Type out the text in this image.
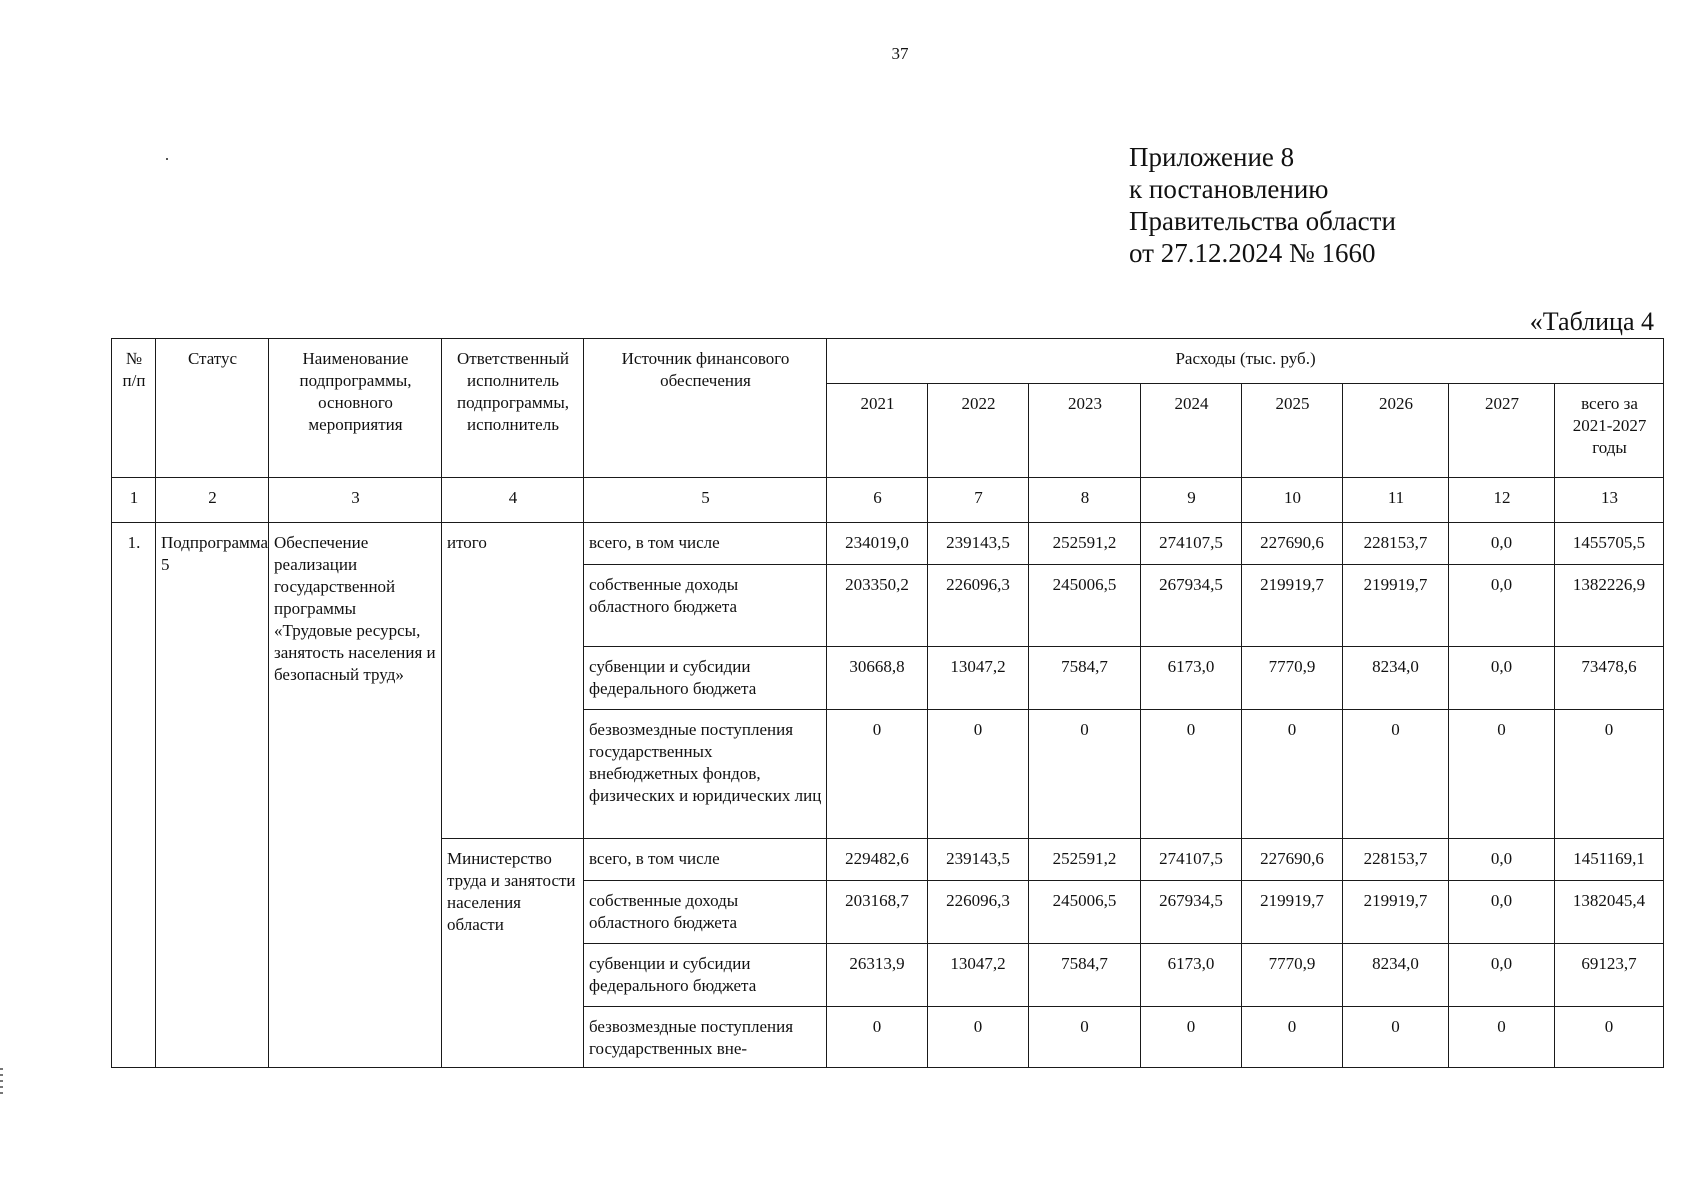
37
Приложение 8
к постановлению
Правительства области
от 27.12.2024 № 1660
«Таблица 4
№ п/п	Статус	Наименование подпрограммы, основного мероприятия	Ответственный исполнитель подпрограммы, исполнитель	Источник финансового обеспечения	Расходы (тыс. руб.)							
					2021	2022	2023	2024	2025	2026	2027	всего за 2021-2027 годы
1	2	3	4	5	6	7	8	9	10	11	12	13
1.	Подпрограмма 5	Обеспечение реализации государственной программы «Трудовые ресурсы, занятость населения и безопасный труд»	итого	всего, в том числе	234019,0	239143,5	252591,2	274107,5	227690,6	228153,7	0,0	1455705,5
				собственные доходы областного бюджета	203350,2	226096,3	245006,5	267934,5	219919,7	219919,7	0,0	1382226,9
				субвенции и субсидии федерального бюджета	30668,8	13047,2	7584,7	6173,0	7770,9	8234,0	0,0	73478,6
				безвозмездные поступления государственных внебюджетных фондов, физических и юридических лиц	0	0	0	0	0	0	0	0
			Министерство труда и занятости населения области	всего, в том числе	229482,6	239143,5	252591,2	274107,5	227690,6	228153,7	0,0	1451169,1
				собственные доходы областного бюджета	203168,7	226096,3	245006,5	267934,5	219919,7	219919,7	0,0	1382045,4
				субвенции и субсидии федерального бюджета	26313,9	13047,2	7584,7	6173,0	7770,9	8234,0	0,0	69123,7
				безвозмездные поступления государственных вне-	0	0	0	0	0	0	0	0
